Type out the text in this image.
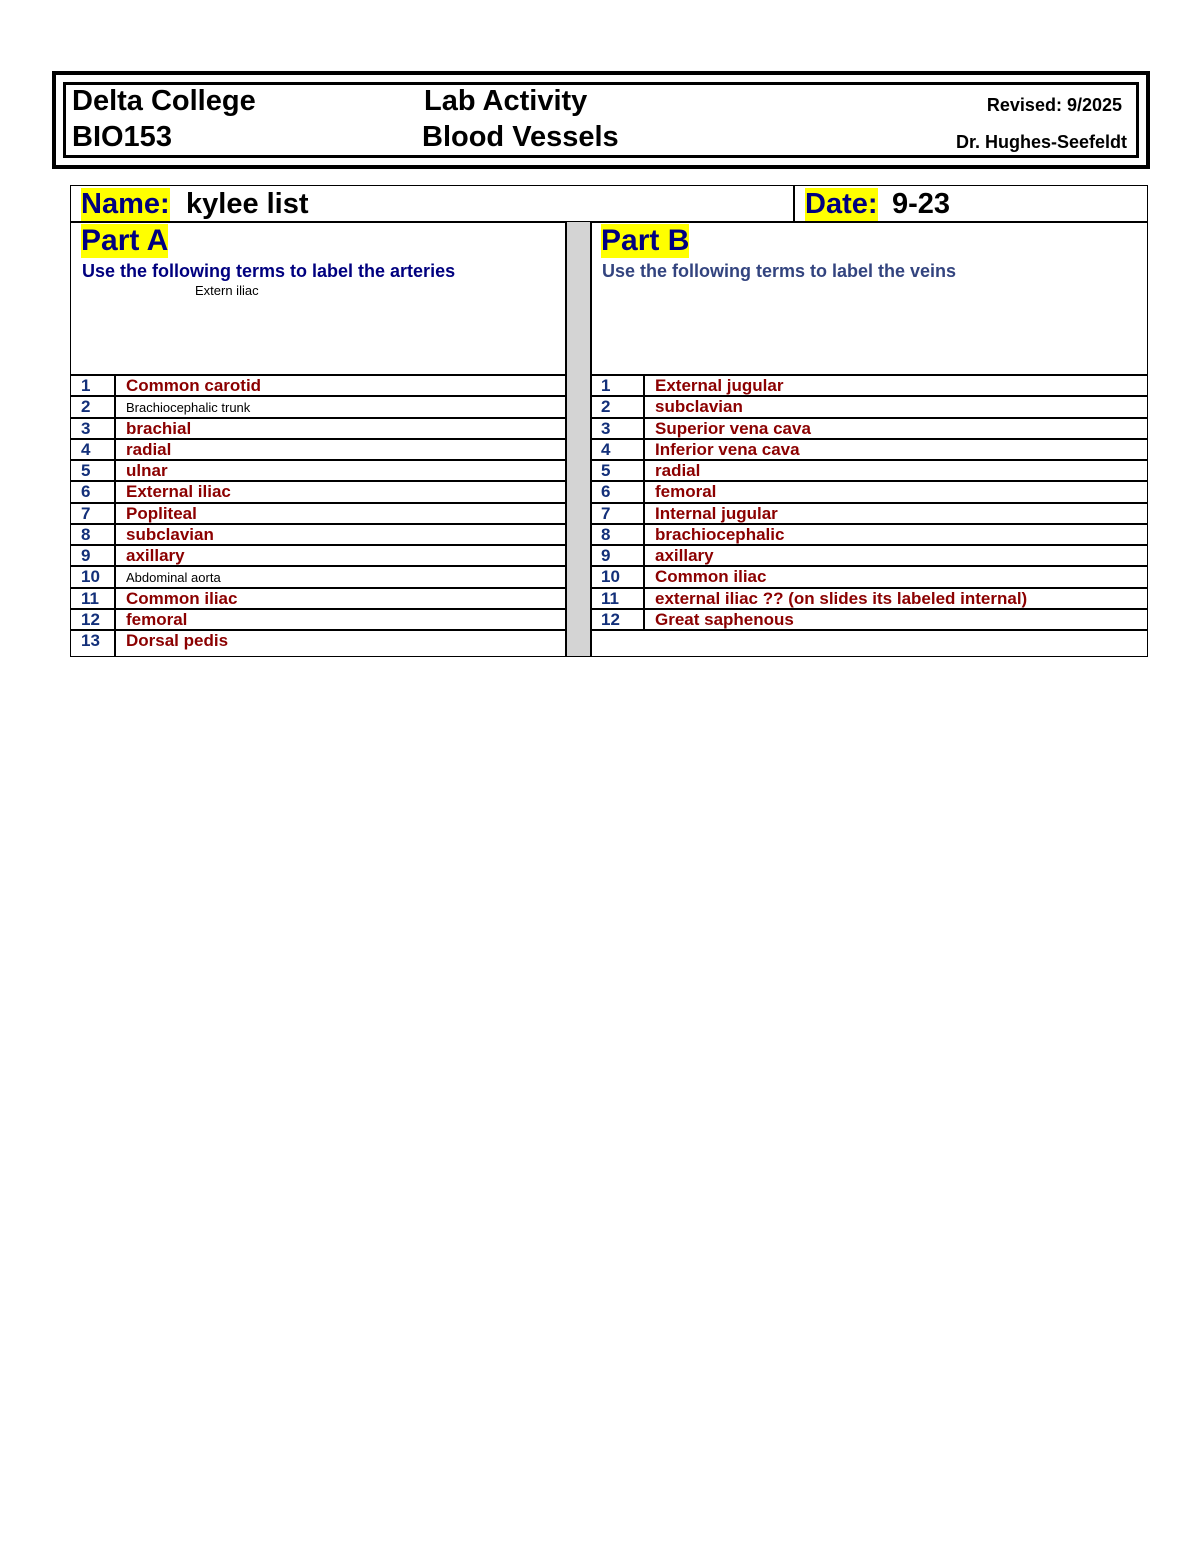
Delta College
BIO153
Lab Activity
Blood Vessels
Revised: 9/2025
Dr. Hughes-Seefeldt
Name: kylee list	Date: 9-23
Part A
Use the following terms to label the arteries
Extern iliac
Part B
Use the following terms to label the veins
1 Common carotid
2	Brachiocephalic trunk
3 brachial
4 radial
5 ulnar
6 External iliac
7 Popliteal
8 subclavian
9 axillary
10 Abdominal aorta
11 Common iliac
12 femoral
13 Dorsal pedis
1	External jugular
2	subclavian
3	Superior vena cava
4	Inferior vena cava
5	radial
6	femoral
7	Internal jugular
8	brachiocephalic
9	axillary
10 Common iliac
11 external iliac ?? (on slides its labeled internal)
12 Great saphenous
